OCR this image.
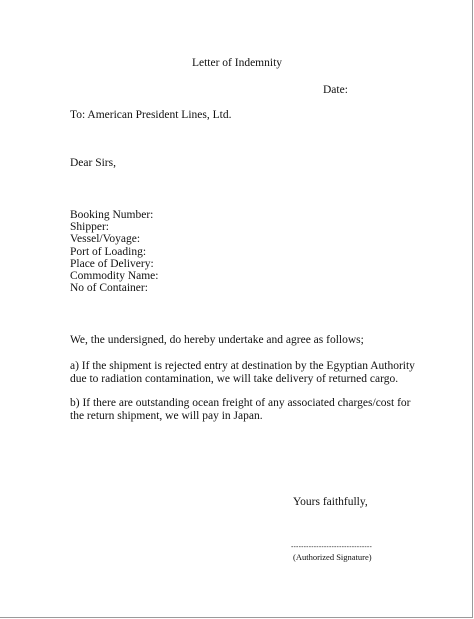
Letter of Indemnity
Date:
To: American President Lines, Ltd.
Dear Sirs,
Booking Number:
Shipper:
Vessel/Voyage:
Port of Loading:
Place of Delivery:
Commodity Name:
No of Container:
We, the undersigned, do hereby undertake and agree as follows;
a) If the shipment is rejected entry at destination by the Egyptian Authority
due to radiation contamination, we will take delivery of returned cargo.
b) If there are outstanding ocean freight of any associated charges/cost for
the return shipment, we will pay in Japan.
Yours faithfully,
--------------------------------
(Authorized Signature)
